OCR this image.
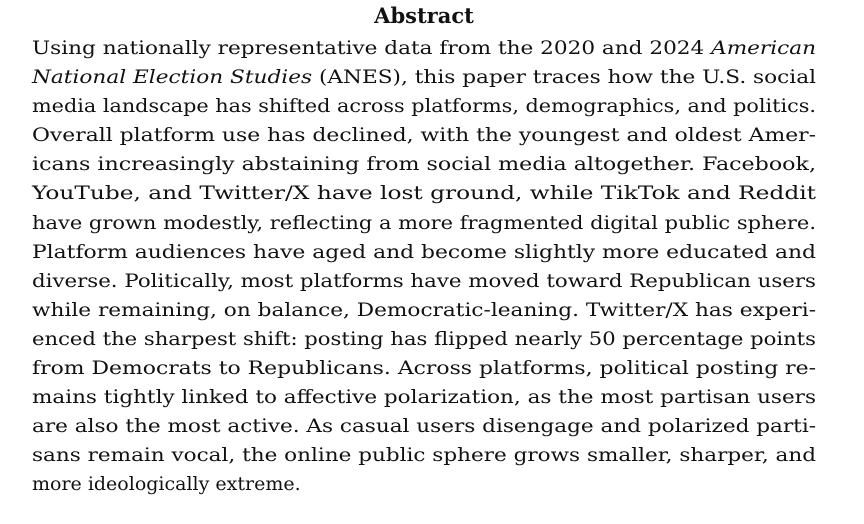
Abstract
Using nationally representative data from the 2020 and 2024 American
National Election Studies (ANES), this paper traces how the U.S. social
media landscape has shifted across platforms, demographics, and politics.
Overall platform use has declined, with the youngest and oldest Amer-
icans increasingly abstaining from social media altogether. Facebook,
YouTube, and Twitter/X have lost ground, while TikTok and Reddit
have grown modestly, reflecting a more fragmented digital public sphere.
Platform audiences have aged and become slightly more educated and
diverse. Politically, most platforms have moved toward Republican users
while remaining, on balance, Democratic-leaning. Twitter/X has experi-
enced the sharpest shift: posting has flipped nearly 50 percentage points
from Democrats to Republicans. Across platforms, political posting re-
mains tightly linked to affective polarization, as the most partisan users
are also the most active. As casual users disengage and polarized parti-
sans remain vocal, the online public sphere grows smaller, sharper, and
more ideologically extreme.
